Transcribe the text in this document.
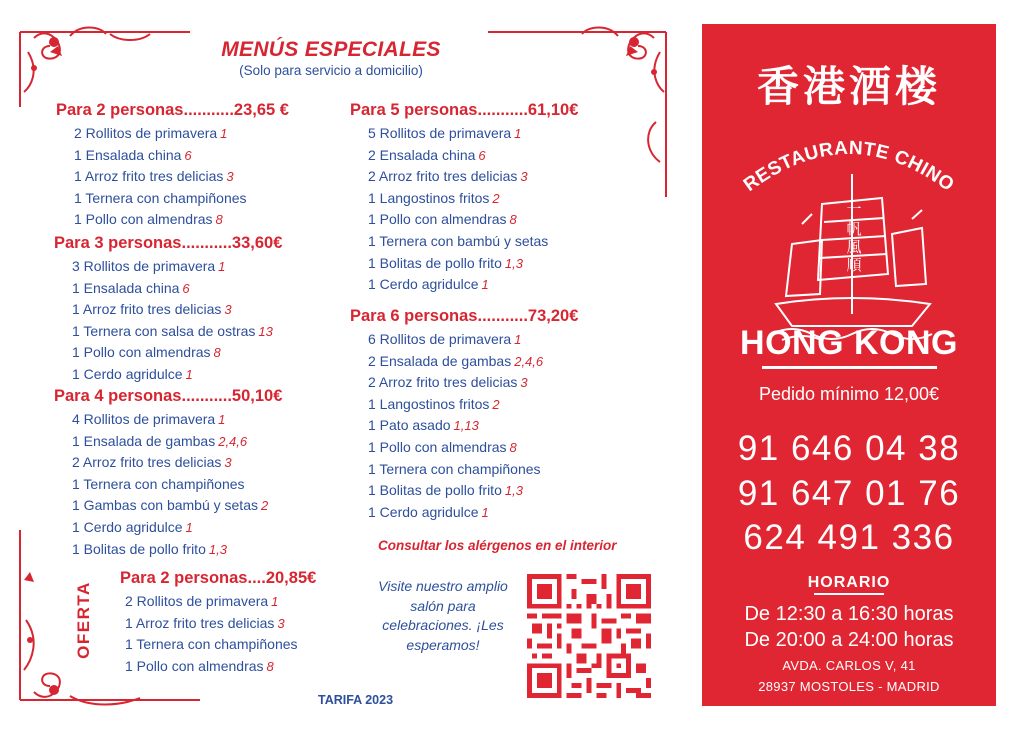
MENÚS ESPECIALES
(Solo para servicio a domicilio)
Para 2 personas...........23,65 €
2 Rollitos de primavera 1
1 Ensalada china 6
1 Arroz frito tres delicias 3
1 Ternera con champiñones
1 Pollo con almendras 8
Para 3 personas...........33,60€
3 Rollitos de primavera 1
1 Ensalada china 6
1 Arroz frito tres delicias 3
1 Ternera con salsa de ostras 13
1 Pollo con almendras 8
1 Cerdo agridulce 1
Para 4 personas...........50,10€
4 Rollitos de primavera 1
1 Ensalada de gambas 2,4,6
2 Arroz frito tres delicias 3
1 Ternera con champiñones
1 Gambas con bambú y setas 2
1 Cerdo agridulce 1
1 Bolitas de pollo frito 1,3
Para 5 personas...........61,10€
5 Rollitos de primavera 1
2 Ensalada china 6
2 Arroz frito tres delicias 3
1 Langostinos fritos 2
1 Pollo con almendras 8
1 Ternera con bambú y setas
1 Bolitas de pollo frito 1,3
1 Cerdo agridulce 1
Para 6 personas...........73,20€
6 Rollitos de primavera 1
2 Ensalada de gambas 2,4,6
2 Arroz frito tres delicias 3
1 Langostinos fritos 2
1 Pato asado 1,13
1 Pollo con almendras 8
1 Ternera con champiñones
1 Bolitas de pollo frito 1,3
1 Cerdo agridulce 1
OFERTA
Para 2 personas....20,85€
2 Rollitos de primavera 1
1 Arroz frito tres delicias 3
1 Ternera con champiñones
1 Pollo con almendras 8
Consultar los alérgenos en el interior
Visite nuestro amplio salón para celebraciones. ¡Les esperamos!
TARIFA 2023
香港酒楼
RESTAURANTE CHINO
一
帆
風
順
HONG KONG
Pedido mínimo 12,00€
91 646 04 38
91 647 01 76
624 491 336
HORARIO
De 12:30 a 16:30 horas
De 20:00 a 24:00 horas
AVDA. CARLOS V, 41
28937 MOSTOLES - MADRID
